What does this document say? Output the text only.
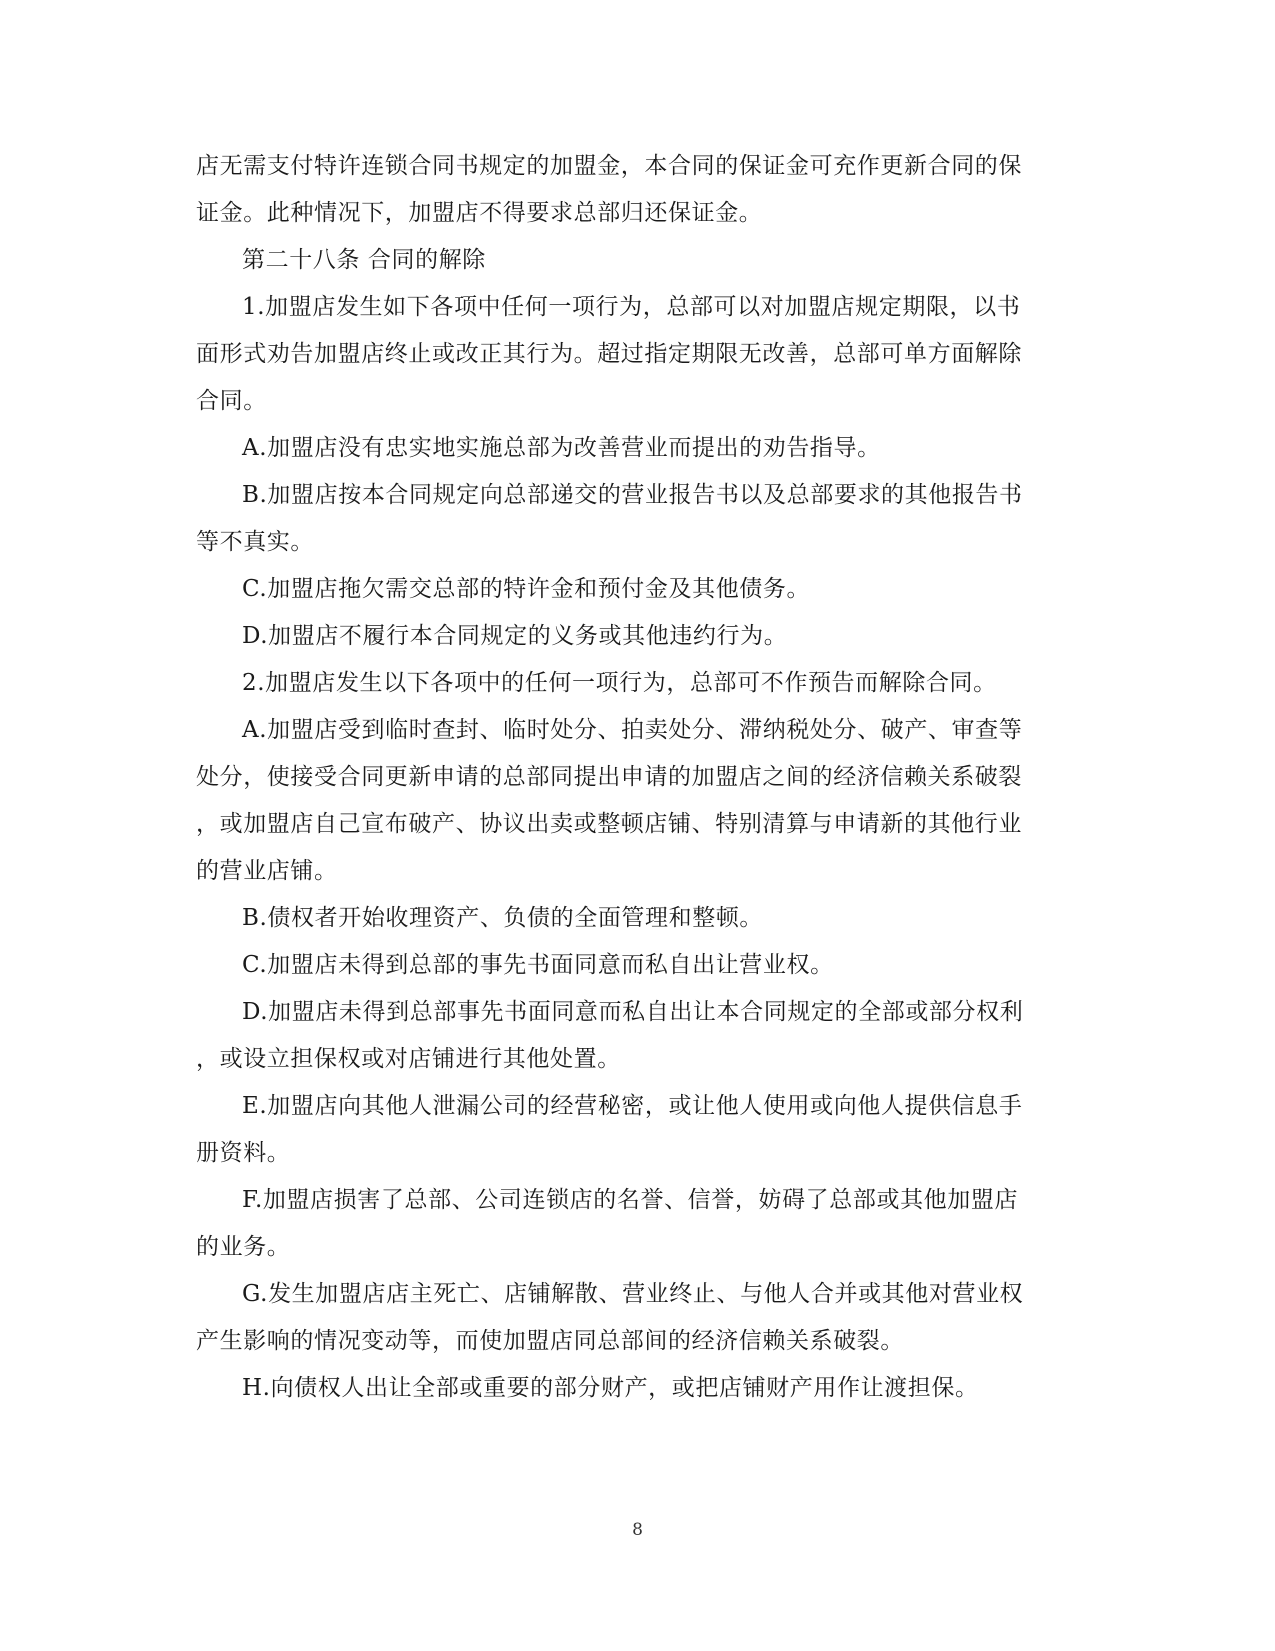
店无需支付特许连锁合同书规定的加盟金，本合同的保证金可充作更新合同的保
证金。此种情况下，加盟店不得要求总部归还保证金。
第二十八条 合同的解除
1.加盟店发生如下各项中任何一项行为，总部可以对加盟店规定期限，以书
面形式劝告加盟店终止或改正其行为。超过指定期限无改善，总部可单方面解除
合同。
A.加盟店没有忠实地实施总部为改善营业而提出的劝告指导。
B.加盟店按本合同规定向总部递交的营业报告书以及总部要求的其他报告书
等不真实。
C.加盟店拖欠需交总部的特许金和预付金及其他债务。
D.加盟店不履行本合同规定的义务或其他违约行为。
2.加盟店发生以下各项中的任何一项行为，总部可不作预告而解除合同。
A.加盟店受到临时查封、临时处分、拍卖处分、滞纳税处分、破产、审查等
处分，使接受合同更新申请的总部同提出申请的加盟店之间的经济信赖关系破裂
，或加盟店自己宣布破产、协议出卖或整顿店铺、特别清算与申请新的其他行业
的营业店铺。
B.债权者开始收理资产、负债的全面管理和整顿。
C.加盟店未得到总部的事先书面同意而私自出让营业权。
D.加盟店未得到总部事先书面同意而私自出让本合同规定的全部或部分权利
，或设立担保权或对店铺进行其他处置。
E.加盟店向其他人泄漏公司的经营秘密，或让他人使用或向他人提供信息手
册资料。
F.加盟店损害了总部、公司连锁店的名誉、信誉，妨碍了总部或其他加盟店
的业务。
G.发生加盟店店主死亡、店铺解散、营业终止、与他人合并或其他对营业权
产生影响的情况变动等，而使加盟店同总部间的经济信赖关系破裂。
H.向债权人出让全部或重要的部分财产，或把店铺财产用作让渡担保。
8
